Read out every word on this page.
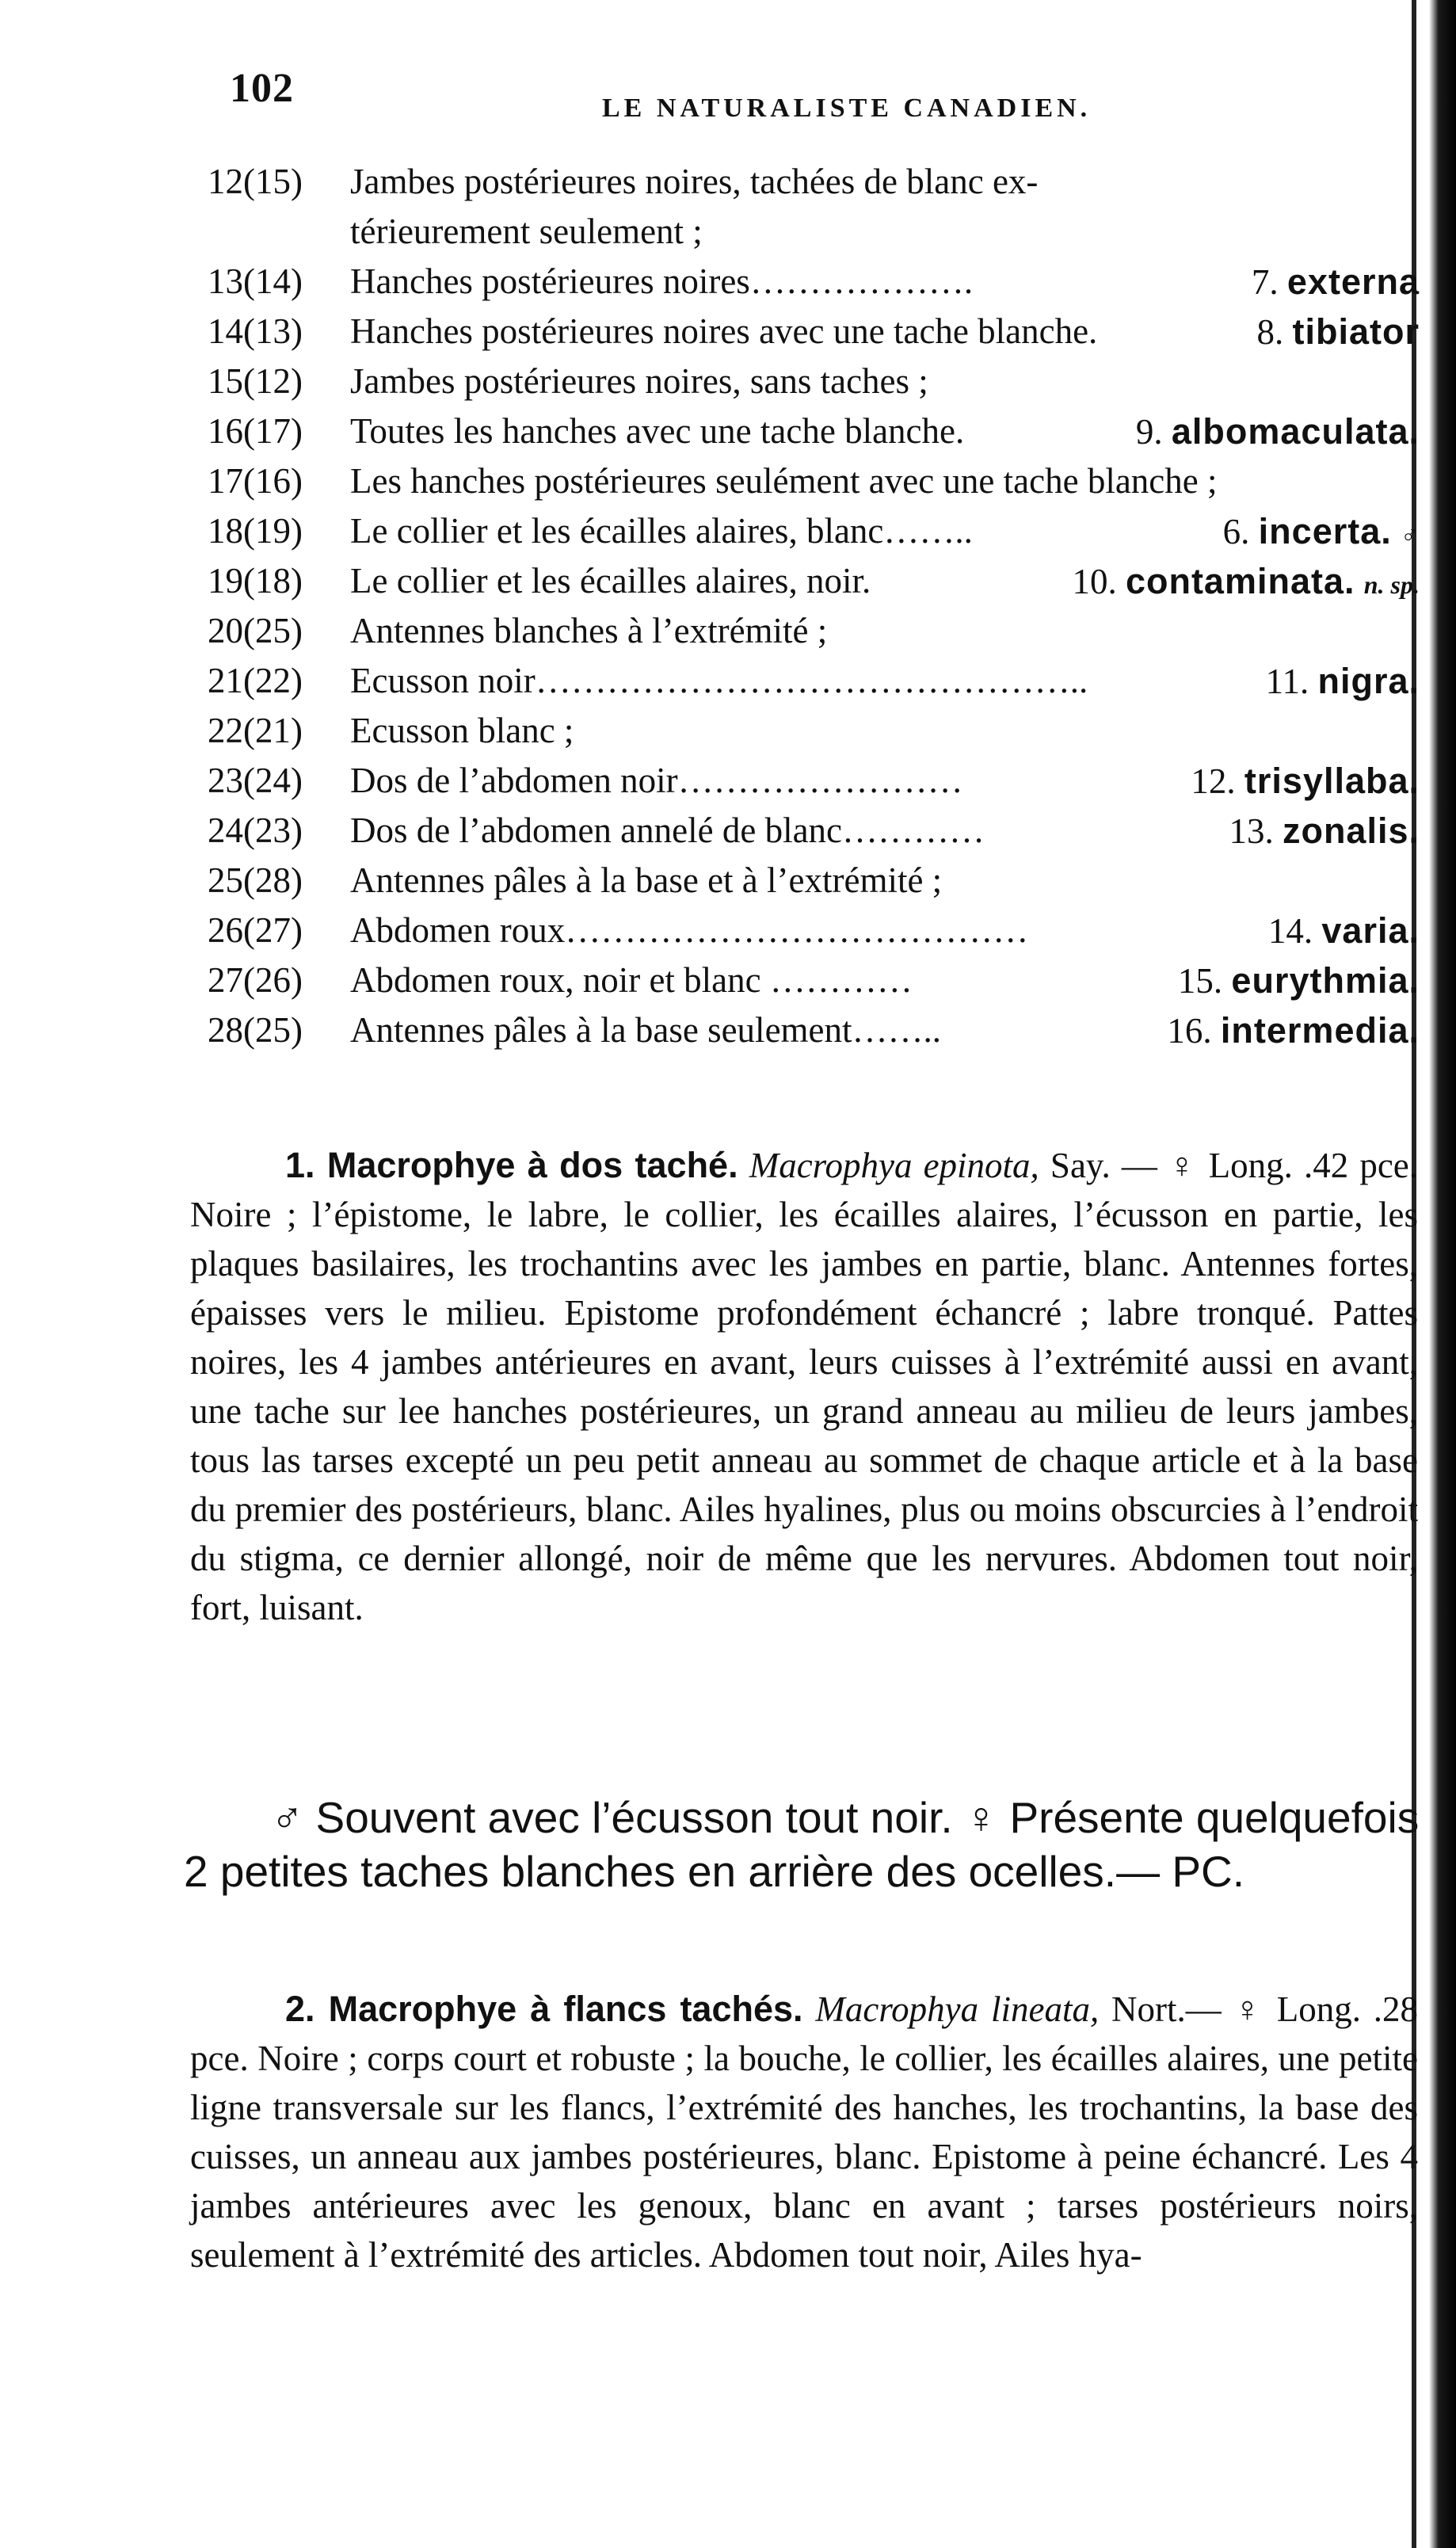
102	LE NATURALISTE CANADIEN.
12(15) Jambes postérieures noires, tachées de blanc ex-
térieurement seulement ;
13(14) Hanches postérieures noires……………….	7. externa
14(13) Hanches postérieures noires avec une tache blanche.	8. tibiator
15(12) Jambes postérieures noires, sans taches ;
16(17) Toutes les hanches avec une tache blanche.	9. albomaculata.
17(16) Les hanches postérieures seulément avec une tache blanche ;
18(19) Le collier et les écailles alaires, blanc……..	6. incerta. ♂
19(18) Le collier et les écailles alaires, noir.	10. contaminata. n. sp.
20(25) Antennes blanches à l’extrémité ;
21(22) Ecusson noir………………………………………..	11. nigra.
22(21) Ecusson blanc ;
23(24) Dos de l’abdomen noir……………………	12. trisyllaba.
24(23) Dos de l’abdomen annelé de blanc…………	13. zonalis.
25(28) Antennes pâles à la base et à l’extrémité ;
26(27) Abdomen roux…………………………………	14. varia.
27(26) Abdomen roux, noir et blanc …………	15. eurythmia.
28(25) Antennes pâles à la base seulement……..	16. intermedia.
1. Macrophye à dos taché. Macrophya epinota, Say. — ♀ Long. .42 pce. Noire ; l’épistome, le labre, le collier, les écailles alaires, l’écusson en partie, les plaques basilaires, les trochantins avec les jambes en partie, blanc. Antennes fortes, épaisses vers le milieu. Epistome profondément échancré ; labre tronqué. Pattes noires, les 4 jambes antérieures en avant, leurs cuisses à l’extrémité aussi en avant, une tache sur lee hanches postérieures, un grand anneau au milieu de leurs jambes, tous las tarses excepté un peu petit anneau au sommet de chaque article et à la base du premier des postérieurs, blanc. Ailes hyalines, plus ou moins obscurcies à l’endroit du stigma, ce dernier allongé, noir de même que les nervures. Abdomen tout noir, fort, luisant.
♂ Souvent avec l’écusson tout noir. ♀ Présente quelquefois 2 petites taches blanches en arrière des ocelles.— PC.
2. Macrophye à flancs tachés. Macrophya lineata, Nort.— ♀ Long. .28 pce. Noire ; corps court et robuste ; la bouche, le collier, les écailles alaires, une petite ligne transversale sur les flancs, l’extrémité des hanches, les trochantins, la base des cuisses, un anneau aux jambes postérieures, blanc. Epistome à peine échancré. Les 4 jambes antérieures avec les genoux, blanc en avant ; tarses postérieurs noirs, seulement à l’extrémité des articles. Abdomen tout noir, Ailes hya-
